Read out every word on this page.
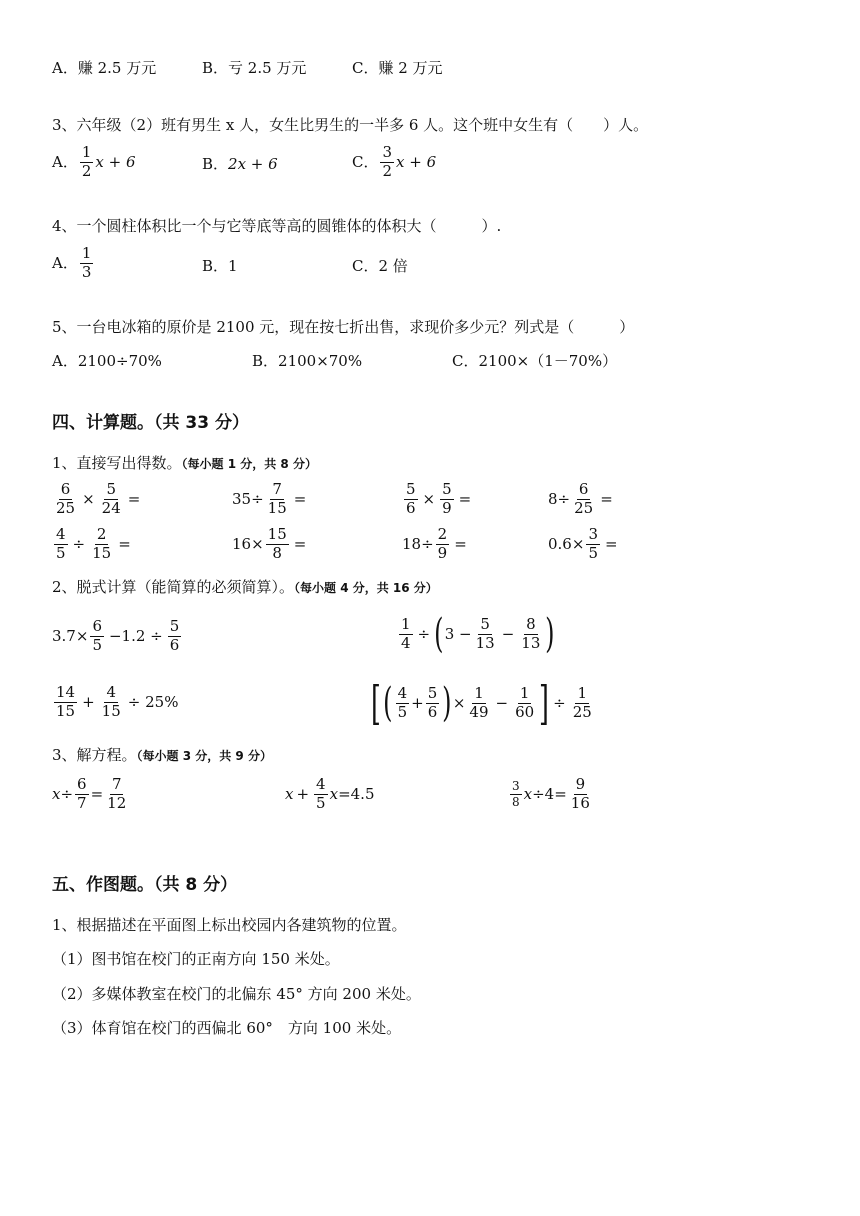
A．赚 2.5 万元	B．亏 2.5 万元	C．赚 2 万元
3、六年级（2）班有男生 x 人，女生比男生的一半多 6 人。这个班中女生有（　　）人。
A． $\frac{1}{2}$ x + 6	B． 2x + 6	C． $\frac{3}{2}$ x + 6
4、一个圆柱体积比一个与它等底等高的圆锥体的体积大（　　　）.
A． $\frac{1}{3}$	B．1	C．2 倍
5、一台电冰箱的原价是 2100 元，现在按七折出售，求现价多少元？列式是（　　　）
A．2100÷70%	B．2100×70%	C．2100×（1－70%）
四、计算题。（共 33 分）
1、直接写出得数。（每小题 1 分，共 8 分）
$\frac{6}{25} \times \frac{5}{24}$ =	$35\div \frac{7}{15}$ =	$\frac{5}{6} \times \frac{5}{9}$ =	$8\div \frac{6}{25}$ =
$\frac{4}{5} \div \frac{2}{15}$ =	$16\times \frac{15}{8}$ =	$18\div \frac{2}{9}$ =	$0.6\times \frac{3}{5}$ =
2、脱式计算（能简算的必须简算）。（每小题 4 分，共 16 分）
$3.7\times \frac{6}{5} -1.2 \div \frac{5}{6}$	$\frac{1}{4}$ ÷ ( $3 - \frac{5}{13} - \frac{8}{13}$ )
$\frac{14}{15} + \frac{4}{15} \div 25\%$	[ ( $\frac{4}{5} + \frac{5}{6}$ ) × $\frac{1}{49} - \frac{1}{60}$ ] ÷ $\frac{1}{25}$
3、解方程。（每小题 3 分，共 9 分）
$x \div \frac{6}{7} = \frac{7}{12}$	$x + \frac{4}{5}$ x =4.5	$\frac{3}{8}$ $x \div 4= \frac{9}{16}$
五、作图题。（共 8 分）
1、根据描述在平面图上标出校园内各建筑物的位置。
（1）图书馆在校门的正南方向 150 米处。
（2）多媒体教室在校门的北偏东 45° 方向 200 米处。
（3）体育馆在校门的西偏北 60°　方向 100 米处。
